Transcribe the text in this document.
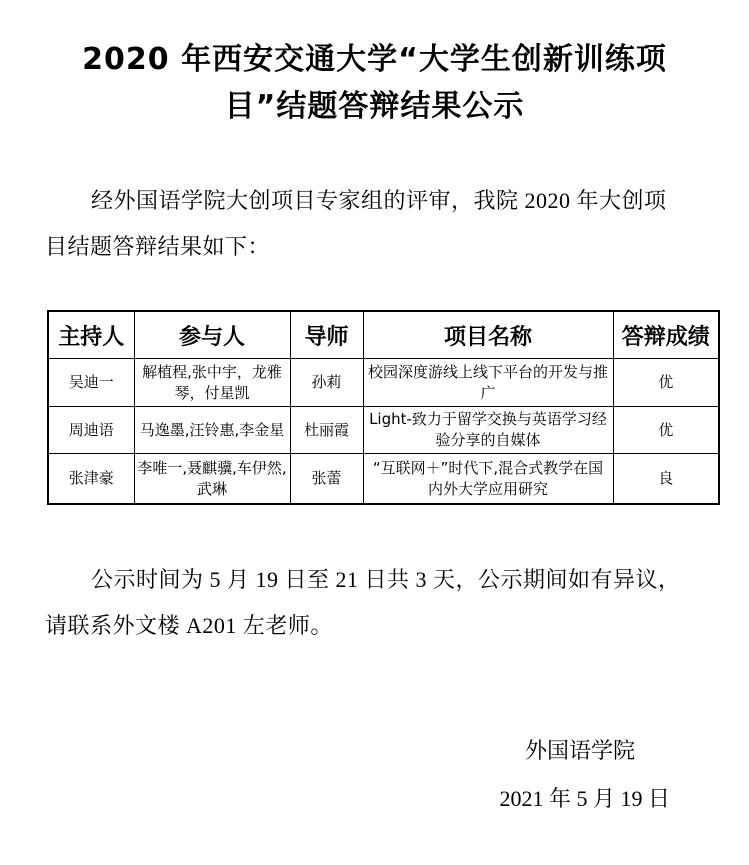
2020 年西安交通大学“大学生创新训练项
目”结题答辩结果公示
经外国语学院大创项目专家组的评审，我院 2020 年大创项
目结题答辩结果如下：
主持人	参与人	导师	项目名称	答辩成绩
吴迪一	解植程,张中宇，龙雅琴，付星凯	孙莉	校园深度游线上线下平台的开发与推广	优
周迪语	马逸墨,汪铃惠,李金星	杜丽霞	Light-致力于留学交换与英语学习经验分享的自媒体	优
张津豪	李唯一,聂麒骥,车伊然,武琳	张蕾	“互联网＋”时代下,混合式教学在国内外大学应用研究	良
公示时间为 5 月 19 日至 21 日共 3 天，公示期间如有异议，
请联系外文楼 A201 左老师。
外国语学院
2021 年 5 月 19 日
